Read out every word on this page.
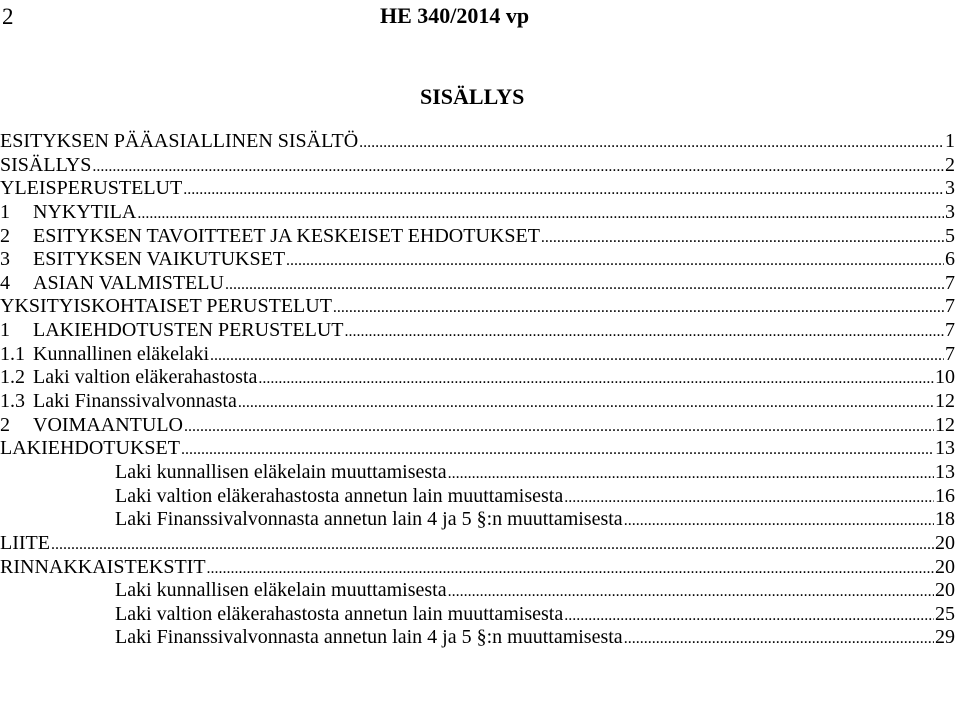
2	HE 340/2014 vp
SISÄLLYS
ESITYKSEN PÄÄASIALLINEN SISÄLTÖ .....	1
SISÄLLYS .....	2
YLEISPERUSTELUT .....	3
1	NYKYTILA .....	3
2	ESITYKSEN TAVOITTEET JA KESKEISET EHDOTUKSET .....	5
3	ESITYKSEN VAIKUTUKSET .....	6
4	ASIAN VALMISTELU .....	7
YKSITYISKOHTAISET PERUSTELUT .....	7
1	LAKIEHDOTUSTEN PERUSTELUT .....	7
1.1 Kunnallinen eläkelaki .....	7
1.2 Laki valtion eläkerahastosta .....	10
1.3 Laki Finanssivalvonnasta .....	12
2	VOIMAANTULO .....	12
LAKIEHDOTUKSET .....	13
Laki kunnallisen eläkelain muuttamisesta .....	13
Laki valtion eläkerahastosta annetun lain muuttamisesta .....	16
Laki Finanssivalvonnasta annetun lain 4 ja 5 §:n muuttamisesta .....	18
LIITE .....	20
RINNAKKAISTEKSTIT .....	20
Laki kunnallisen eläkelain muuttamisesta .....	20
Laki valtion eläkerahastosta annetun lain muuttamisesta .....	25
Laki Finanssivalvonnasta annetun lain 4 ja 5 §:n muuttamisesta .....	29
